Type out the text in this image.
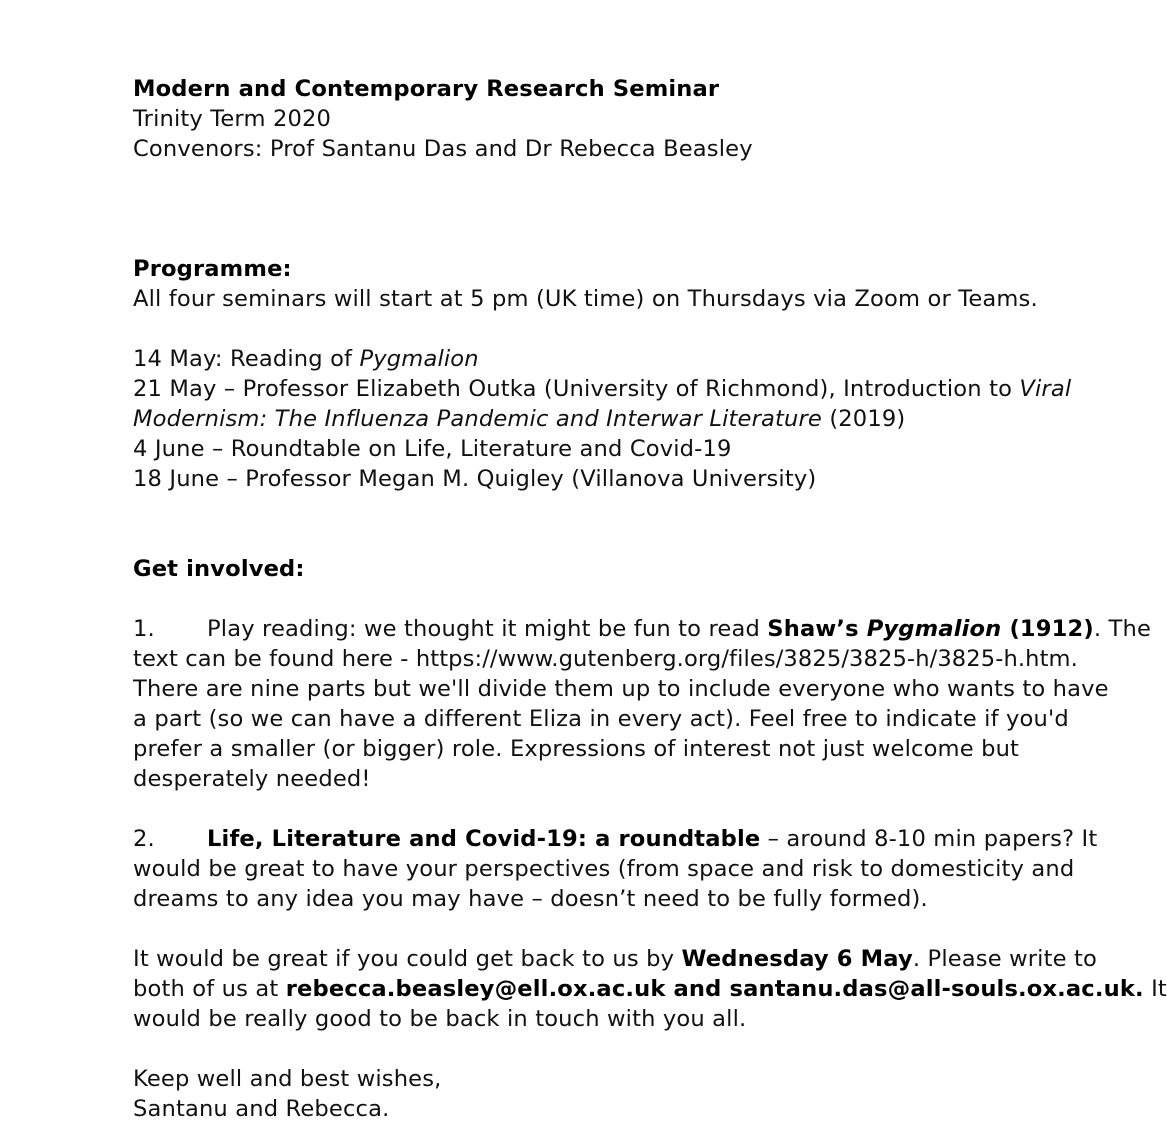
Modern and Contemporary Research Seminar
Trinity Term 2020
Convenors: Prof Santanu Das and Dr Rebecca Beasley
Programme:
All four seminars will start at 5 pm (UK time) on Thursdays via Zoom or Teams.
14 May: Reading of Pygmalion
21 May – Professor Elizabeth Outka (University of Richmond), Introduction to Viral
Modernism: The Influenza Pandemic and Interwar Literature (2019)
4 June – Roundtable on Life, Literature and Covid-19
18 June – Professor Megan M. Quigley (Villanova University)
Get involved:
1. Play reading: we thought it might be fun to read Shaw’s Pygmalion (1912). The
text can be found here - https://www.gutenberg.org/files/3825/3825-h/3825-h.htm.
There are nine parts but we'll divide them up to include everyone who wants to have
a part (so we can have a different Eliza in every act). Feel free to indicate if you'd
prefer a smaller (or bigger) role. Expressions of interest not just welcome but
desperately needed!
2. Life, Literature and Covid-19: a roundtable – around 8-10 min papers? It
would be great to have your perspectives (from space and risk to domesticity and
dreams to any idea you may have – doesn’t need to be fully formed).
It would be great if you could get back to us by Wednesday 6 May. Please write to
both of us at rebecca.beasley@ell.ox.ac.uk and santanu.das@all-souls.ox.ac.uk. It
would be really good to be back in touch with you all.
Keep well and best wishes,
Santanu and Rebecca.
